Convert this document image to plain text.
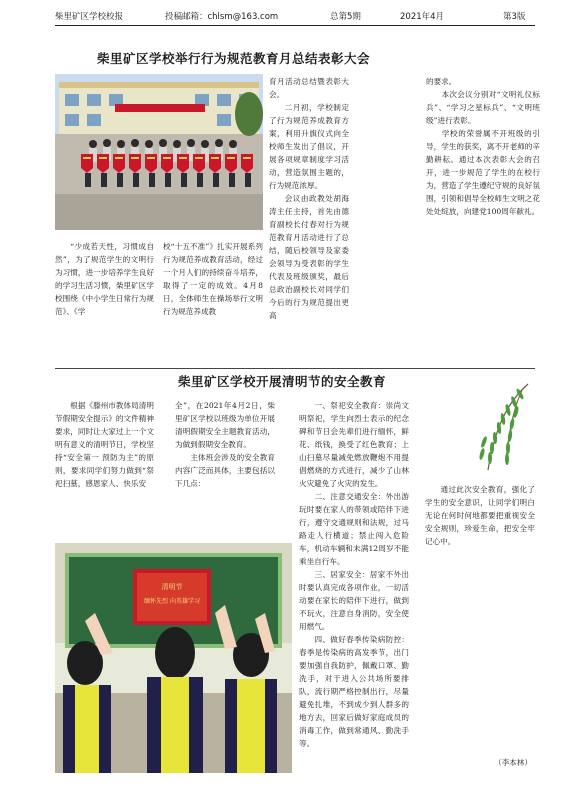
柴里矿区学校校报	投稿邮箱：chlsm@163.com	总第5期	2021年4月	第3版
柴里矿区学校举行行为规范教育月总结表彰大会
育月活动总结暨表彰大会。
  二月初，学校制定了行为规范养成教育方案，利用升旗仪式向全校师生发出了倡议，开展各项规章制度学习活动，营造氛围主题的，行为规范浓厚。
  会议由政教处胡海涛主任主持，首先由德育副校长付春对行为规范教育月活动进行了总结，随后校领导及家委会领导为受表彰的学生代表及班级颁奖，最后总政治副校长对同学们今后的行为规范提出更高
的要求。
  本次会议分别对“文明礼仪标兵”、“学习之星标兵”、“文明班级”进行表彰。
  学校的荣誉属不开班级的引导，学生的获奖，离不开老师的辛勤耕耘。通过本次表彰大会的召开，进一步规范了学生的在校行为，营造了学生遵纪守规的良好氛围，引领和倡导全校师生文明之花处处绽放，向建党100周年献礼。
  “少成若天性，习惯成自然”，为了规范学生的文明行为习惯，进一步培养学生良好的学习生活习惯，柴里矿区学校围绕《中小学生日常行为规范》、《学
校“十五不准”》扎实开展系列行为规范养成教育活动，经过一个月人们的持续奋斗培养，取得了一定的成效。4月8日，全体师生在操场举行文明行为规范养成教
柴里矿区学校开展清明节的安全教育
  根据《滕州市教体局清明节假期安全提示》的文件精神要求，同时让大家过上一个文明有意义的清明节日，学校坚持“安全第一 预防为主”的原则，要求同学们努力做到“祭祀扫墓，感恩家人、快乐安
全”，在2021年4月2日，柴里矿区学校以班级为单位开展清明假期安全主题教育活动，为做到假期安全教育。
  主体班会涉及的安全教育内容广泛而具体，主要包括以下几点：
  一、祭祀安全教育：崇尚文明祭祀，学生向烈士表示的纪念碑和节日会先辈们进行缅怀，鲜花、纸钱，换受了红色教育；上山扫墓尽量减免燃放鞭炮不用提倡燃烧的方式进行，减少了山林火灾避免了火灾的发生。
  二、注意交通安全：外出游玩时要在家人的带领或陪伴下进行，遵守交通规则和法规，过马路走人行横道；禁止闯入危险车，机动车辆和未满12周岁不能乘坐自行车。
  三、居家安全：居家不外出时要认真完成各项作业，一切活动要在家长的陪伴下进行，做到不玩火，注意自身消防，安全使用燃气。
  四、做好春季传染病防控：春季是传染病的高发季节，出门要加强自我防护，佩戴口罩、勤洗手，对于进入公共场所要排队，流行期严格控制出行，尽量避免扎堆，不到成少到人群多的地方去，回家后做好家庭成员的消毒工作，做到常通风、勤洗手等。
  通过此次安全教育，强化了学生的安全意识，让同学们明白无论在何时何地都要把重视安全安全规则，珍爱生命，把安全牢记心中。
（李本林）
清明节
缅怀先烈 向英雄学习
